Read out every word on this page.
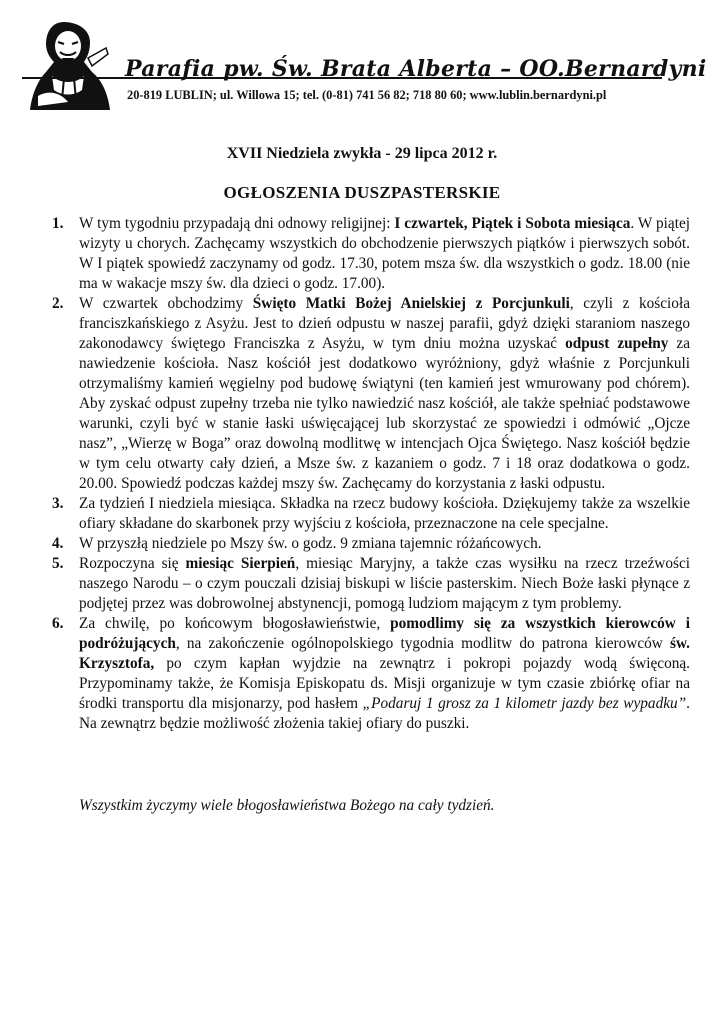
Parafia pw. Św. Brata Alberta – OO.Bernardyni
20-819 LUBLIN; ul. Willowa 15; tel. (0-81) 741 56 82; 718 80 60; www.lublin.bernardyni.pl
XVII Niedziela zwykła - 29 lipca 2012 r.
OGŁOSZENIA DUSZPASTERSKIE
1. W tym tygodniu przypadają dni odnowy religijnej: I czwartek, Piątek i Sobota miesiąca. W piątej wizyty u chorych. Zachęcamy wszystkich do obchodzenie pierwszych piątków i pierwszych sobót. W I piątek spowiedź zaczynamy od godz. 17.30, potem msza św. dla wszystkich o godz. 18.00 (nie ma w wakacje mszy św. dla dzieci o godz. 17.00).
2. W czwartek obchodzimy Święto Matki Bożej Anielskiej z Porcjunkuli, czyli z kościoła franciszkańskiego z Asyżu. Jest to dzień odpustu w naszej parafii, gdyż dzięki staraniom naszego zakonodawcy świętego Franciszka z Asyżu, w tym dniu można uzyskać odpust zupełny za nawiedzenie kościoła. Nasz kościół jest dodatkowo wyróżniony, gdyż właśnie z Porcjunkuli otrzymaliśmy kamień węgielny pod budowę świątyni (ten kamień jest wmurowany pod chórem). Aby zyskać odpust zupełny trzeba nie tylko nawiedzić nasz kościół, ale także spełniać podstawowe warunki, czyli być w stanie łaski uświęcającej lub skorzystać ze spowiedzi i odmówić „Ojcze nasz”, „Wierzę w Boga” oraz dowolną modlitwę w intencjach Ojca Świętego. Nasz kościół będzie w tym celu otwarty cały dzień, a Msze św. z kazaniem o godz. 7 i 18 oraz dodatkowa o godz. 20.00. Spowiedź podczas każdej mszy św. Zachęcamy do korzystania z łaski odpustu.
3. Za tydzień I niedziela miesiąca. Składka na rzecz budowy kościoła. Dziękujemy także za wszelkie ofiary składane do skarbonek przy wyjściu z kościoła, przeznaczone na cele specjalne.
4. W przyszłą niedziele po Mszy św. o godz. 9 zmiana tajemnic różańcowych.
5. Rozpoczyna się miesiąc Sierpień, miesiąc Maryjny, a także czas wysiłku na rzecz trzeźwości naszego Narodu – o czym pouczali dzisiaj biskupi w liście pasterskim. Niech Boże łaski płynące z podjętej przez was dobrowolnej abstynencji, pomogą ludziom mającym z tym problemy.
6. Za chwilę, po końcowym błogosławieństwie, pomodlimy się za wszystkich kierowców i podróżujących, na zakończenie ogólnopolskiego tygodnia modlitw do patrona kierowców św. Krzysztofa, po czym kapłan wyjdzie na zewnątrz i pokropi pojazdy wodą święconą. Przypominamy także, że Komisja Episkopatu ds. Misji organizuje w tym czasie zbiórkę ofiar na środki transportu dla misjonarzy, pod hasłem „Podaruj 1 grosz za 1 kilometr jazdy bez wypadku”. Na zewnątrz będzie możliwość złożenia takiej ofiary do puszki.
Wszystkim życzymy wiele błogosławieństwa Bożego na cały tydzień.
